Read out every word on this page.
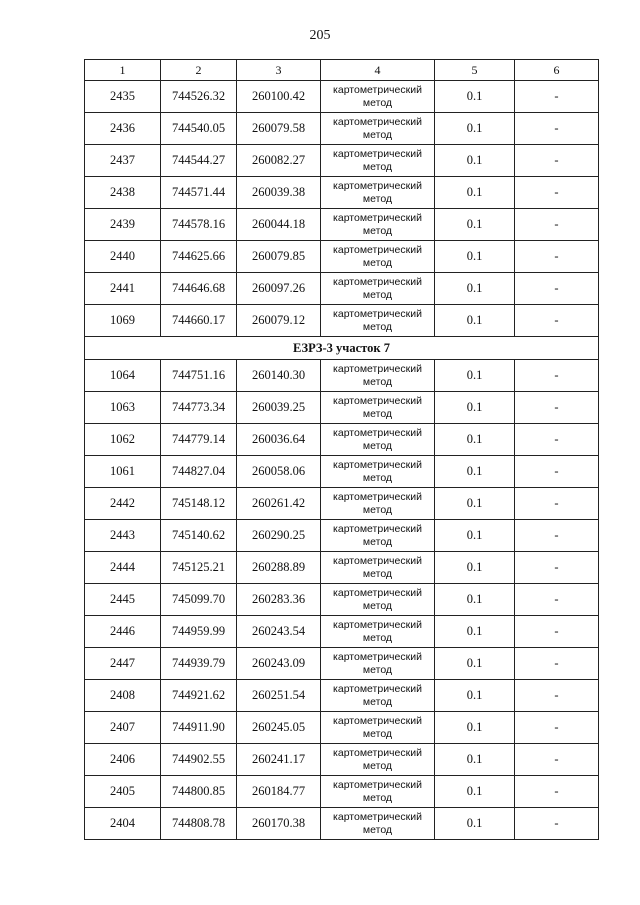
205
1	2	3	4	5	6
2435	744526.32	260100.42	картометрический метод	0.1	-
2436	744540.05	260079.58	картометрический метод	0.1	-
2437	744544.27	260082.27	картометрический метод	0.1	-
2438	744571.44	260039.38	картометрический метод	0.1	-
2439	744578.16	260044.18	картометрический метод	0.1	-
2440	744625.66	260079.85	картометрический метод	0.1	-
2441	744646.68	260097.26	картометрический метод	0.1	-
1069	744660.17	260079.12	картометрический метод	0.1	-
ЕЗРЗ-3 участок 7					
1064	744751.16	260140.30	картометрический метод	0.1	-
1063	744773.34	260039.25	картометрический метод	0.1	-
1062	744779.14	260036.64	картометрический метод	0.1	-
1061	744827.04	260058.06	картометрический метод	0.1	-
2442	745148.12	260261.42	картометрический метод	0.1	-
2443	745140.62	260290.25	картометрический метод	0.1	-
2444	745125.21	260288.89	картометрический метод	0.1	-
2445	745099.70	260283.36	картометрический метод	0.1	-
2446	744959.99	260243.54	картометрический метод	0.1	-
2447	744939.79	260243.09	картометрический метод	0.1	-
2408	744921.62	260251.54	картометрический метод	0.1	-
2407	744911.90	260245.05	картометрический метод	0.1	-
2406	744902.55	260241.17	картометрический метод	0.1	-
2405	744800.85	260184.77	картометрический метод	0.1	-
2404	744808.78	260170.38	картометрический метод	0.1	-
